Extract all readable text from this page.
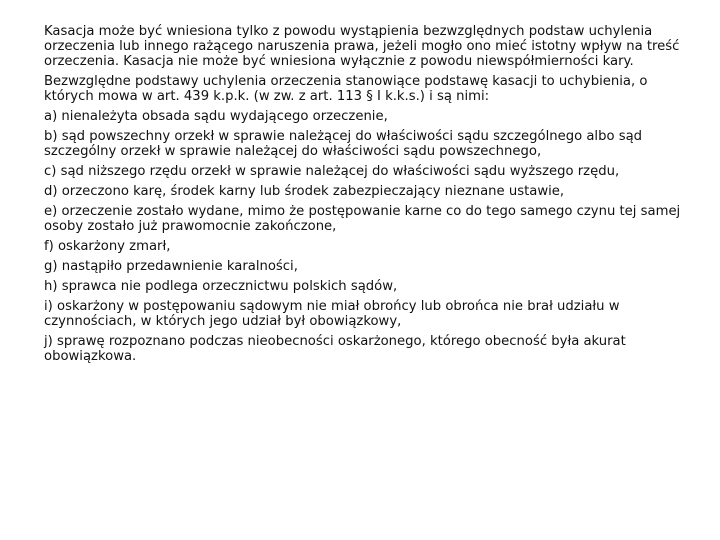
Kasacja może być wniesiona tylko z powodu wystąpienia bezwzględnych podstaw uchylenia orzeczenia lub innego rażącego naruszenia prawa, jeżeli mogło ono mieć istotny wpływ na treść orzeczenia. Kasacja nie może być wniesiona wyłącznie z powodu niewspółmierności kary.

Bezwzględne podstawy uchylenia orzeczenia stanowiące podstawę kasacji to uchybienia, o których mowa w art. 439 k.p.k. (w zw. z art. 113 § I k.k.s.) i są nimi:

a) nienależyta obsada sądu wydającego orzeczenie,

b) sąd powszechny orzekł w sprawie należącej do właściwości sądu szczególnego albo sąd szczególny orzekł w sprawie należącej do właściwości sądu powszechnego,

c) sąd niższego rzędu orzekł w sprawie należącej do właściwości sądu wyższego rzędu,

d) orzeczono karę, środek karny lub środek zabezpieczający nieznane ustawie,

e) orzeczenie zostało wydane, mimo że postępowanie karne co do tego samego czynu tej samej osoby zostało już prawomocnie zakończone,

f) oskarżony zmarł,

g) nastąpiło przedawnienie karalności,

h) sprawca nie podlega orzecznictwu polskich sądów,

i) oskarżony w postępowaniu sądowym nie miał obrońcy lub obrońca nie brał udziału w czynnościach, w których jego udział był obowiązkowy,

j) sprawę rozpoznano podczas nieobecności oskarżonego, którego obecność była akurat obowiązkowa.
